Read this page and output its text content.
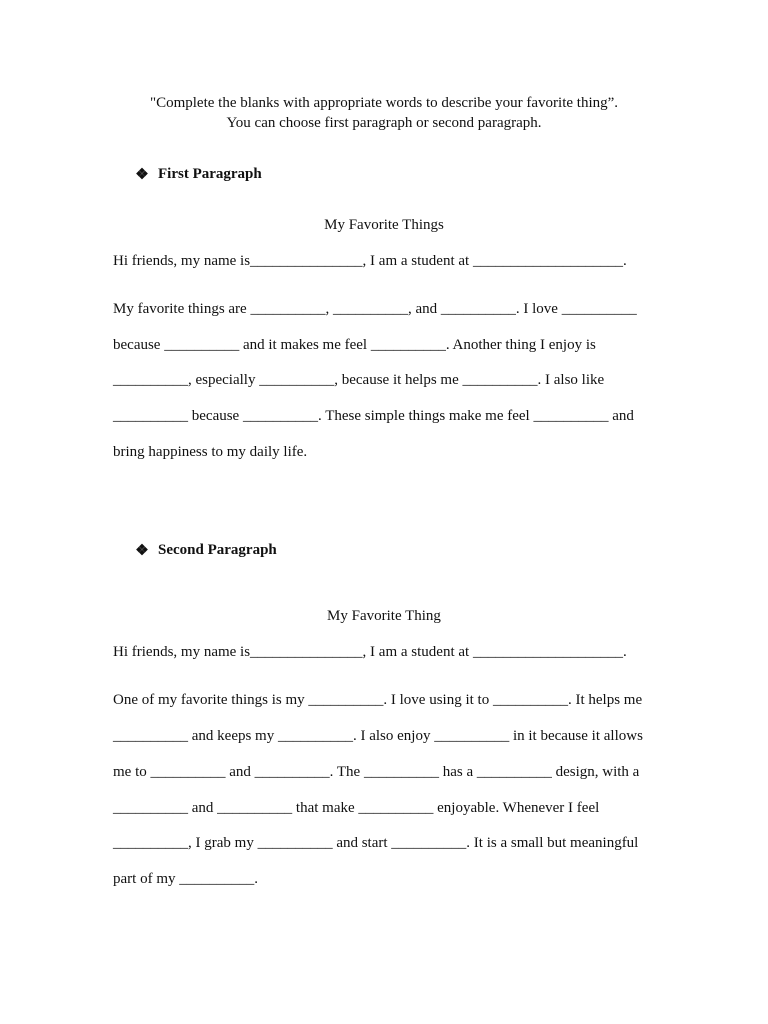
"Complete the blanks with appropriate words to describe your favorite thing”.
You can choose first paragraph or second paragraph.
❖ First Paragraph
My Favorite Things
Hi friends, my name is_______________, I am a student at ____________________.
My favorite things are __________, __________, and __________. I love __________
because __________ and it makes me feel __________. Another thing I enjoy is
__________, especially __________, because it helps me __________. I also like
__________ because __________. These simple things make me feel __________ and
bring happiness to my daily life.
❖ Second Paragraph
My Favorite Thing
Hi friends, my name is_______________, I am a student at ____________________.
One of my favorite things is my __________. I love using it to __________. It helps me
__________ and keeps my __________. I also enjoy __________ in it because it allows
me to __________ and __________. The __________ has a __________ design, with a
__________ and __________ that make __________ enjoyable. Whenever I feel
__________, I grab my __________ and start __________. It is a small but meaningful
part of my __________.
